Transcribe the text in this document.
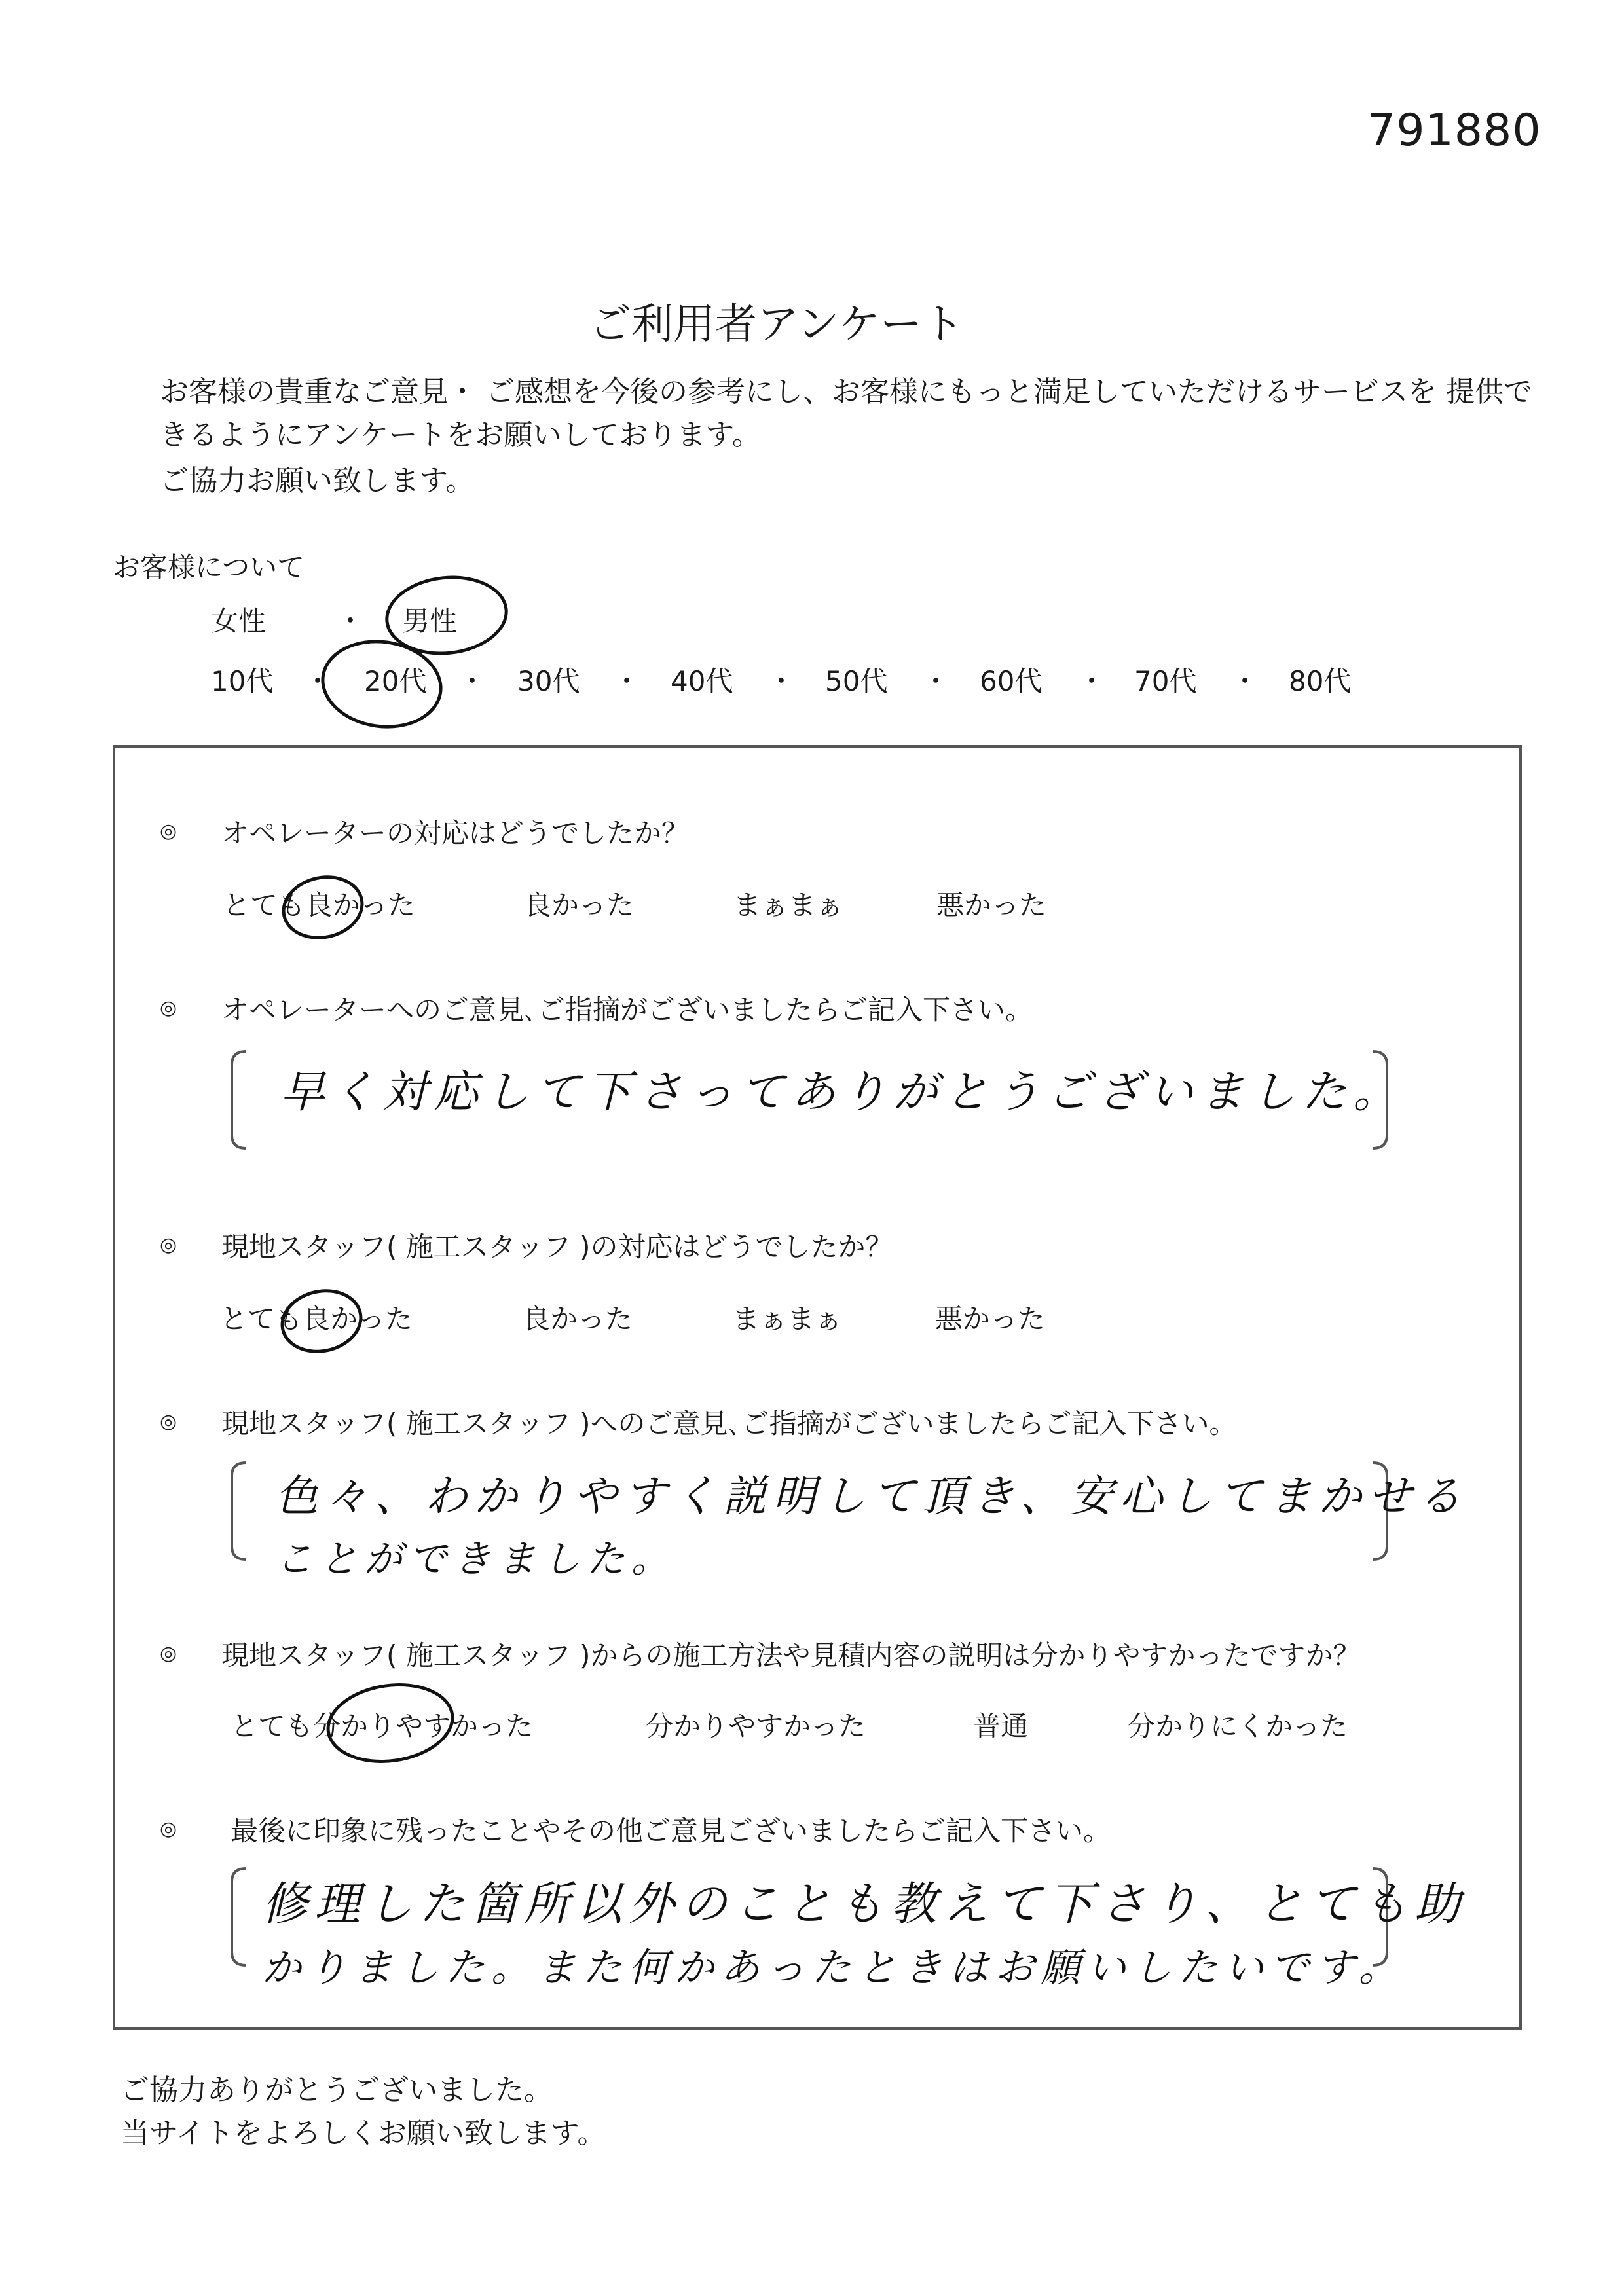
791880
ご利用者アンケート
お客様の貴重なご意見・ ご感想を今後の参考にし、お客様にもっと満足していただけるサービスを 提供で
きるようにアンケートをお願いしております。
ご協力お願い致します。
お客様について
女性	・ 男性
10代 ・ 20代 ・ 30代 ・ 40代 ・ 50代 ・ 60代 ・ 70代 ・ 80代
◎ オペレーターの対応はどうでしたか？
とても良かった	良かった	まぁまぁ	悪かった
◎ オペレーターへのご意見､ご指摘がございましたらご記入下さい。
早く対応して下さってありがとうございました。
◎ 現地スタッフ( 施工スタッフ )の対応はどうでしたか？
とても良かった	良かった	まぁまぁ	悪かった
◎ 現地スタッフ( 施工スタッフ )へのご意見､ご指摘がございましたらご記入下さい。
色々、わかりやすく説明して頂き、安心してまかせる
ことができました。
◎ 現地スタッフ( 施工スタッフ )からの施工方法や見積内容の説明は分かりやすかったですか？
とても分かりやすかった	分かりやすかった	普通	分かりにくかった
◎ 最後に印象に残ったことやその他ご意見ございましたらご記入下さい。
修理した箇所以外のことも教えて下さり、とても助
かりました。また何かあったときはお願いしたいです。
ご協力ありがとうございました。
当サイトをよろしくお願い致します。
